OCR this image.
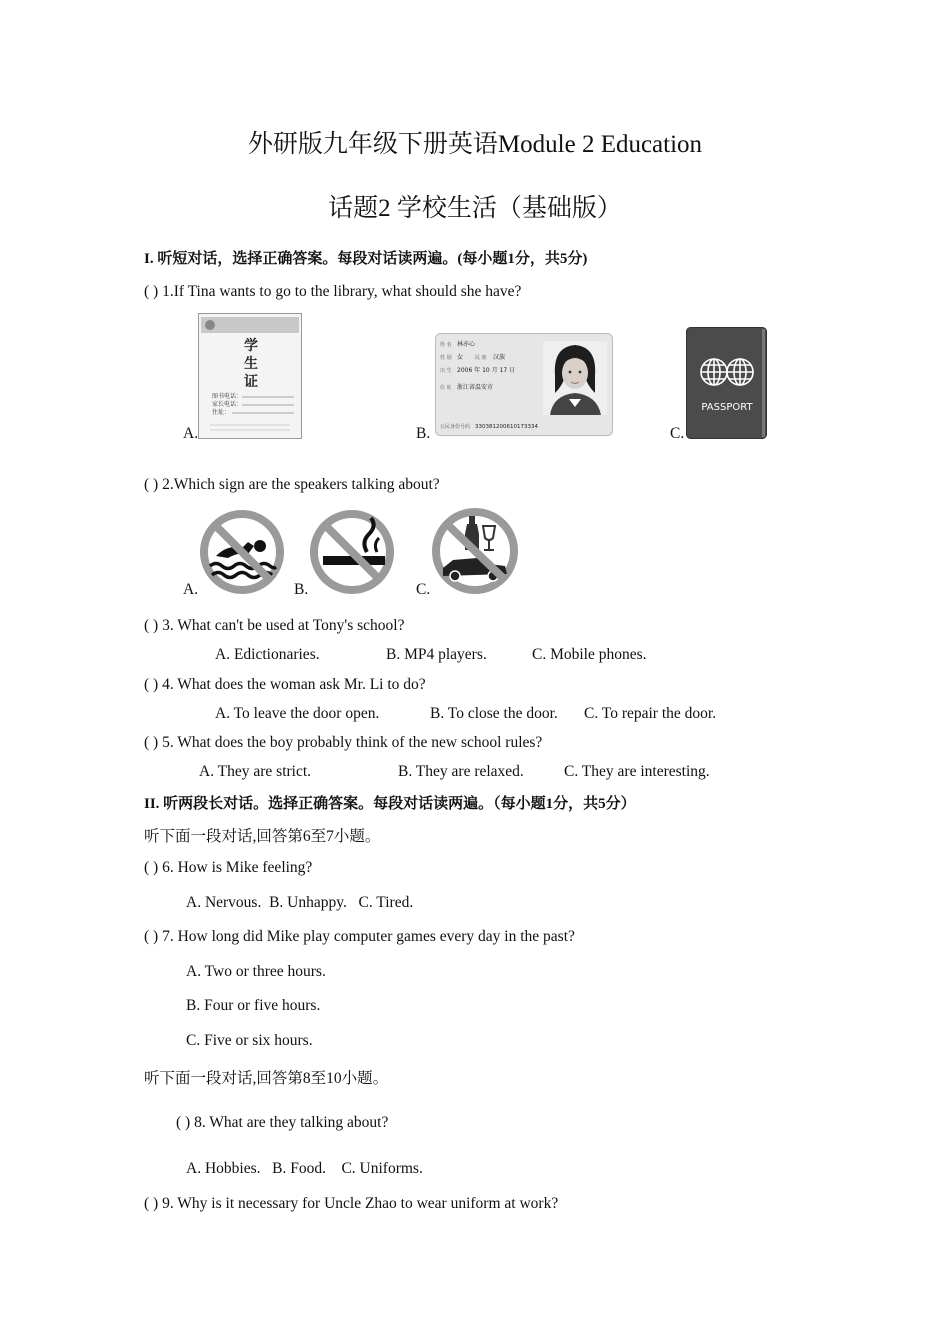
外研版九年级下册英语Module 2 Education
话题2 学校生活（基础版）
I. 听短对话，选择正确答案。每段对话读两遍。(每小题1分，共5分)
( ) 1.If Tina wants to go to the library, what should she have?
A.
学
生
证
图书电话：
家长电话：
住址：
B.
姓 名 林亦心
性 别 女 民 族 汉族
出 生 2006 年 10 月 17 日
住 址 浙江省温安市
公民身份号码 330381200610173334	C.
PASSPORT
( ) 2.Which sign are the speakers talking about?
A.	B.	C.
( ) 3. What can't be used at Tony's school?
A. Edictionaries.	B. MP4 players.	C. Mobile phones.
( ) 4. What does the woman ask Mr. Li to do?
A. To leave the door open.	B. To close the door. C. To repair the door.
( ) 5. What does the boy probably think of the new school rules?
A. They are strict.	B. They are relaxed.	C. They are interesting.
II. 听两段长对话。选择正确答案。每段对话读两遍。（每小题1分，共5分）
听下面一段对话,回答第6至7小题。
( ) 6. How is Mike feeling?
A. Nervous.  B. Unhappy.   C. Tired.
( ) 7. How long did Mike play computer games every day in the past?
A. Two or three hours.
B. Four or five hours.
C. Five or six hours.
听下面一段对话,回答第8至10小题。
( ) 8. What are they talking about?
A. Hobbies.   B. Food.    C. Uniforms.
( ) 9. Why is it necessary for Uncle Zhao to wear uniform at work?
